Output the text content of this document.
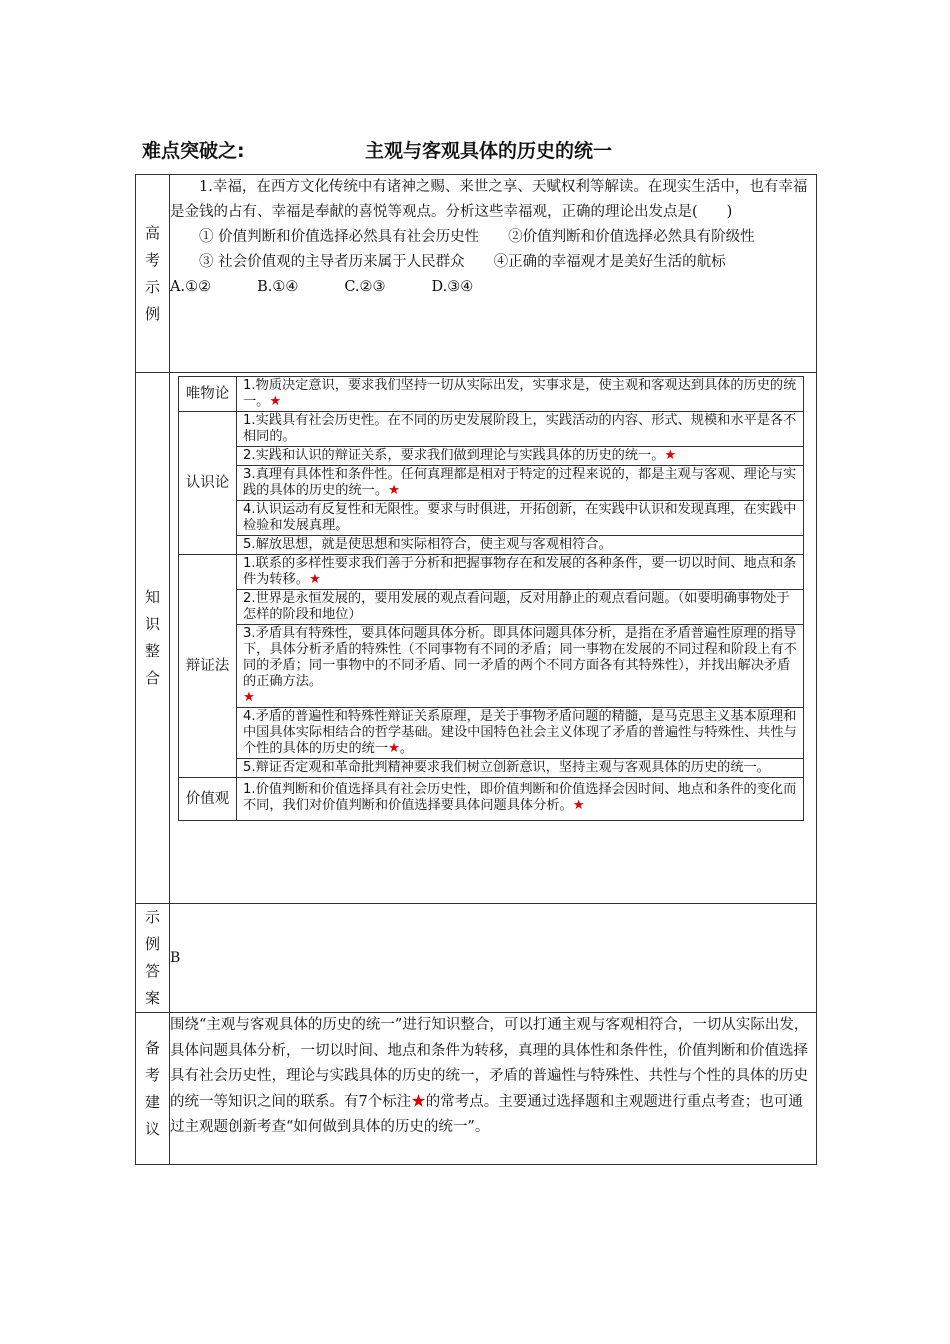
难点突破之:	主观与客观具体的历史的统一
高
考
示
例

1.幸福，在西方文化传统中有诸神之赐、来世之享、天赋权利等解读。在现实生活中，也有幸福是金钱的占有、幸福是奉献的喜悦等观点。分析这些幸福观，正确的理论出发点是(　　)

① 价值判断和价值选择必然具有社会历史性　　②价值判断和价值选择必然具有阶级性

③ 社会价值观的主导者历来属于人民群众　　④正确的幸福观才是美好生活的航标

A.①②	B.①④	C.②③	D.③④

知
识
整
合

唯物论	1.物质决定意识，要求我们坚持一切从实际出发，实事求是，使主观和客观达到具体的历史的统一。★
认识论	1.实践具有社会历史性。在不同的历史发展阶段上，实践活动的内容、形式、规模和水平是各不相同的。
2.实践和认识的辩证关系，要求我们做到理论与实践具体的历史的统一。★
3.真理有具体性和条件性。任何真理都是相对于特定的过程来说的，都是主观与客观、理论与实践的具体的历史的统一。★
4.认识运动有反复性和无限性。要求与时俱进，开拓创新，在实践中认识和发现真理，在实践中检验和发展真理。
5.解放思想，就是使思想和实际相符合，使主观与客观相符合。
辩证法	1.联系的多样性要求我们善于分析和把握事物存在和发展的各种条件，要一切以时间、地点和条件为转移。★
2.世界是永恒发展的，要用发展的观点看问题，反对用静止的观点看问题。（如要明确事物处于怎样的阶段和地位）
3.矛盾具有特殊性，要具体问题具体分析。即具体问题具体分析，是指在矛盾普遍性原理的指导下，具体分析矛盾的特殊性（不同事物有不同的矛盾；同一事物在发展的不同过程和阶段上有不同的矛盾；同一事物中的不同矛盾、同一矛盾的两个不同方面各有其特殊性），并找出解决矛盾的正确方法。
★
4.矛盾的普遍性和特殊性辩证关系原理，是关于事物矛盾问题的精髓，是马克思主义基本原理和中国具体实际相结合的哲学基础。建设中国特色社会主义体现了矛盾的普遍性与特殊性、共性与个性的具体的历史的统一★。
5.辩证否定观和革命批判精神要求我们树立创新意识，坚持主观与客观具体的历史的统一。
价值观	1.价值判断和价值选择具有社会历史性，即价值判断和价值选择会因时间、地点和条件的变化而不同，我们对价值判断和价值选择要具体问题具体分析。★

示
例
答
案
	B

备
考
建
议
	围绕“主观与客观具体的历史的统一”进行知识整合，可以打通主观与客观相符合，一切从实际出发，具体问题具体分析，一切以时间、地点和条件为转移，真理的具体性和条件性，价值判断和价值选择具有社会历史性，理论与实践具体的历史的统一，矛盾的普遍性与特殊性、共性与个性的具体的历史的统一等知识之间的联系。有7个标注★的常考点。主要通过选择题和主观题进行重点考查；也可通过主观题创新考查“如何做到具体的历史的统一”。
